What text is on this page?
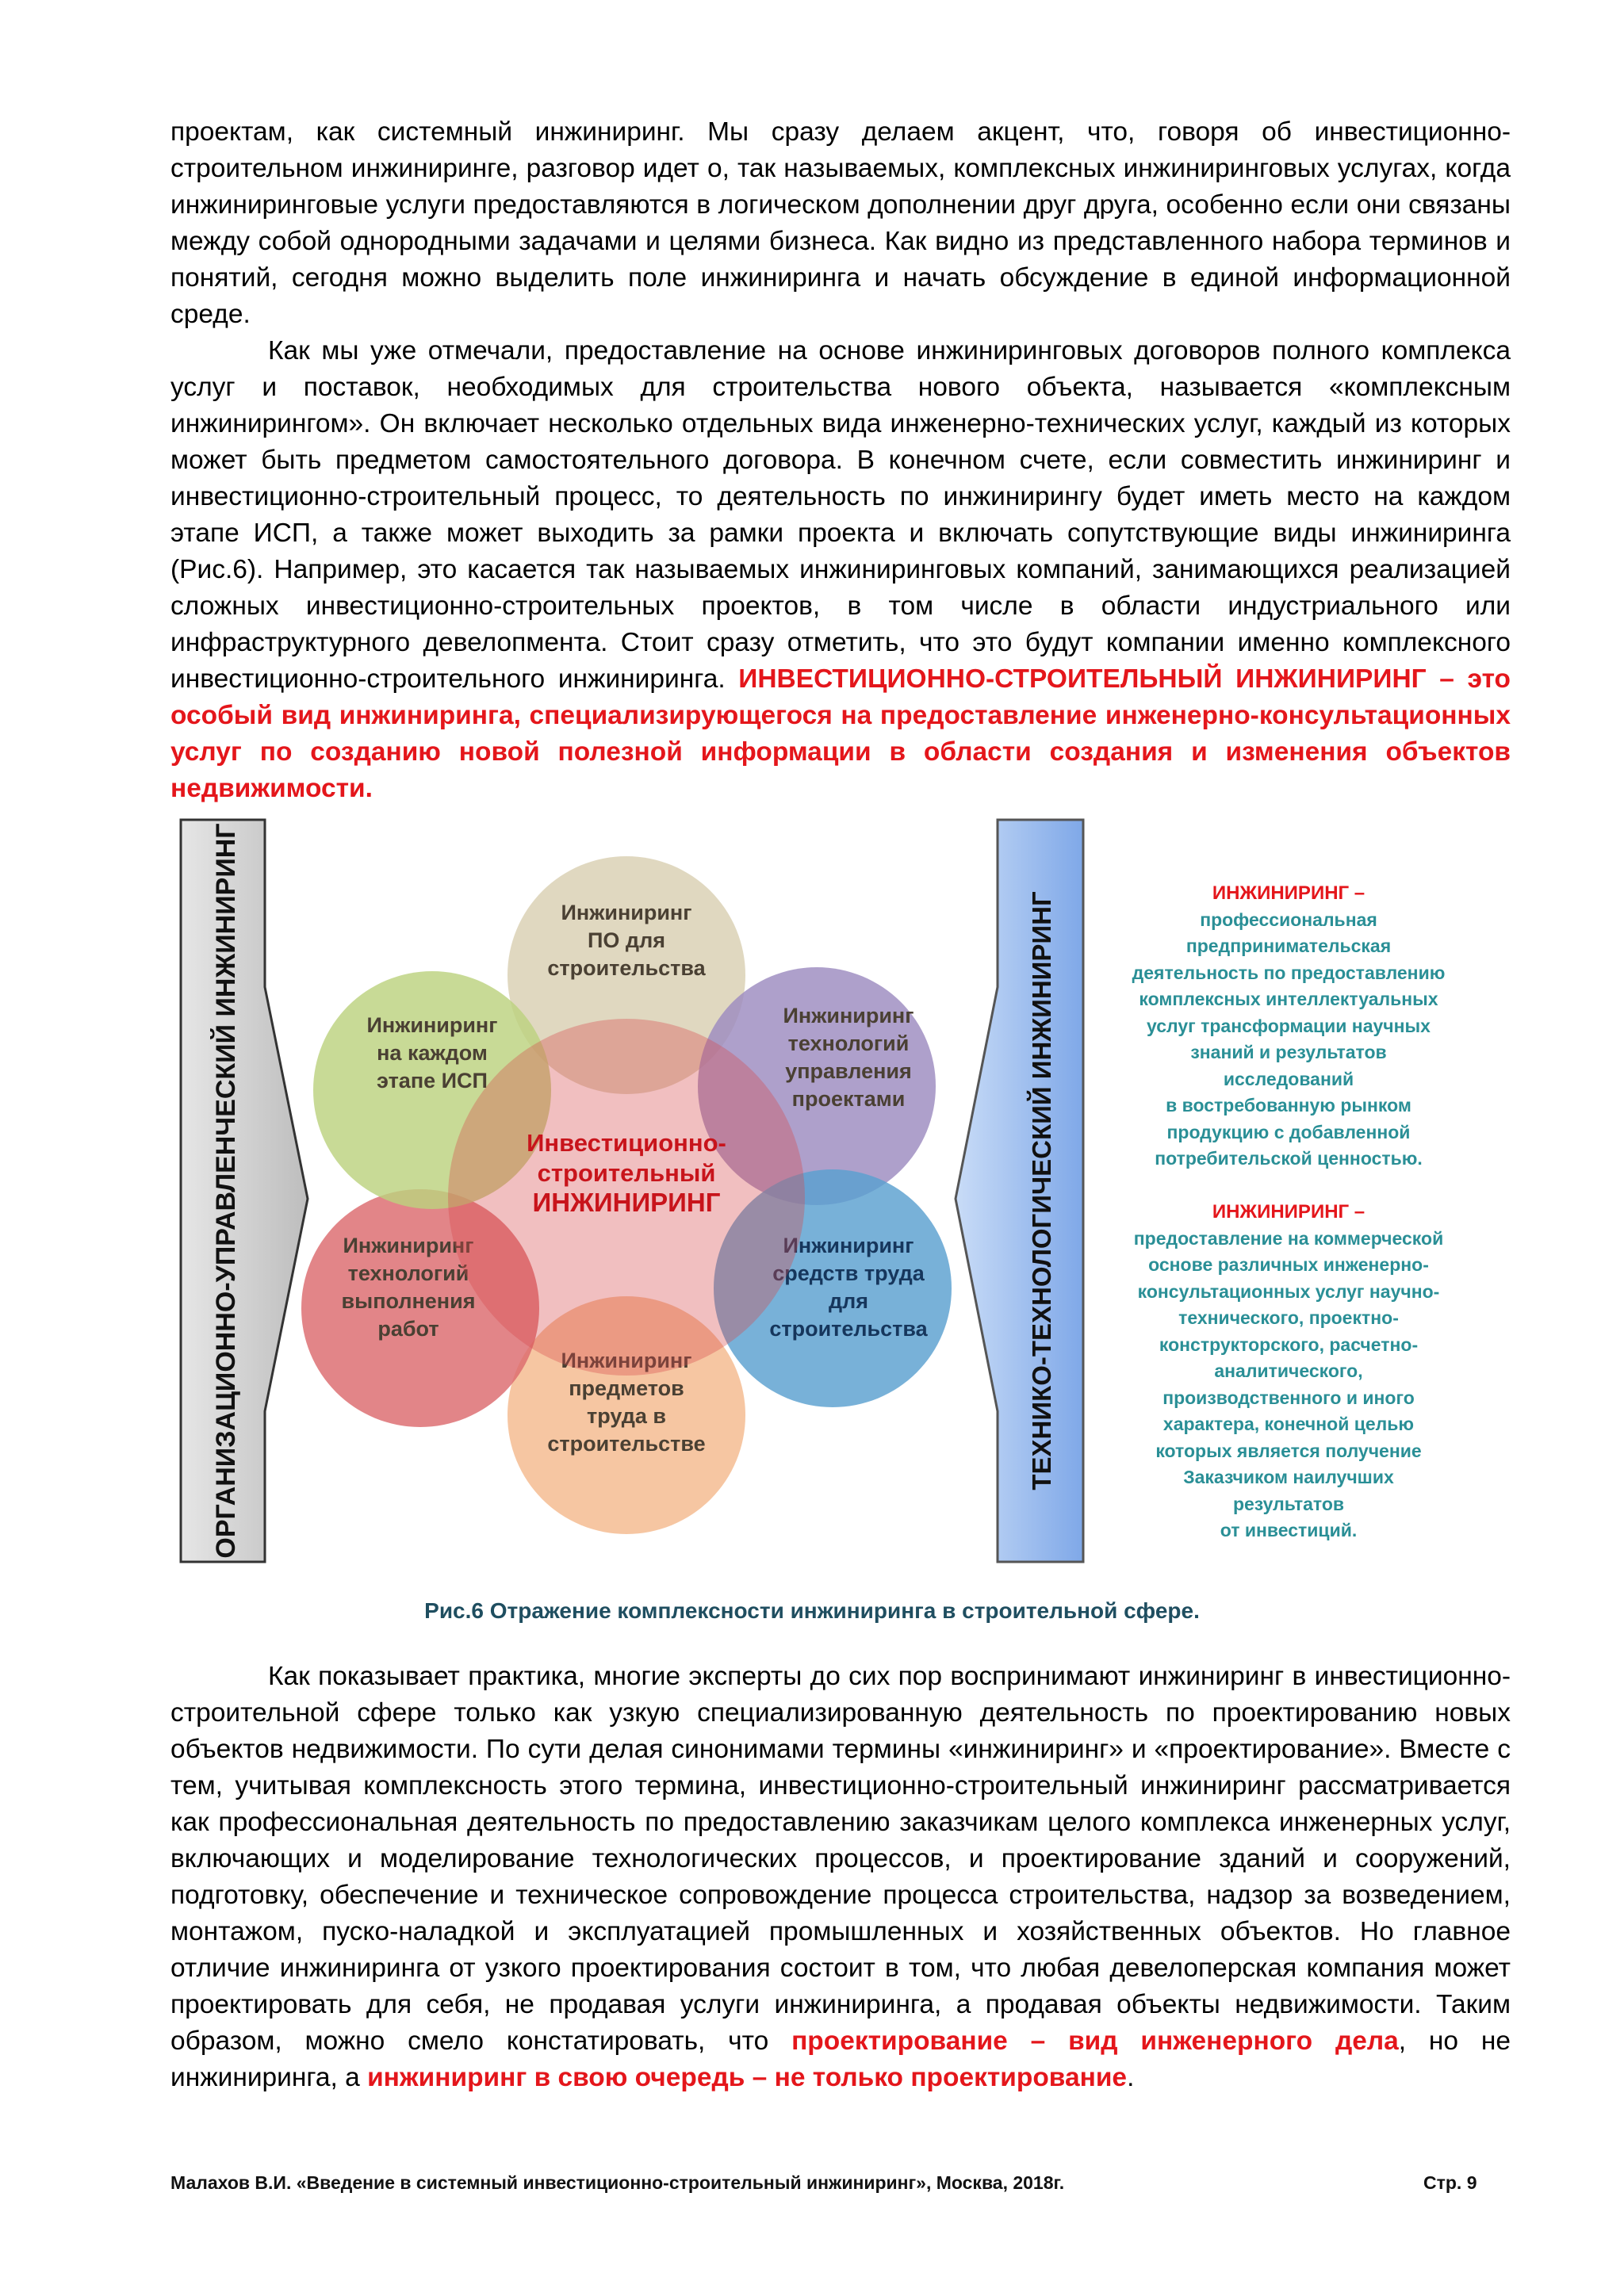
проектам, как системный инжиниринг. Мы сразу делаем акцент, что, говоря об инвестиционно-строительном инжиниринге, разговор идет о, так называемых, комплексных инжиниринговых услугах, когда инжиниринговые услуги предоставляются в логическом дополнении друг друга, особенно если они связаны между собой однородными задачами и целями бизнеса. Как видно из представленного набора терминов и понятий, сегодня можно выделить поле инжиниринга и начать обсуждение в единой информационной среде.

Как мы уже отмечали, предоставление на основе инжиниринговых договоров полного комплекса услуг и поставок, необходимых для строительства нового объекта, называется «комплексным инжинирингом». Он включает несколько отдельных вида инженерно-технических услуг, каждый из которых может быть предметом самостоятельного договора. В конечном счете, если совместить инжиниринг и инвестиционно-строительный процесс, то деятельность по инжинирингу будет иметь место на каждом этапе ИСП, а также может выходить за рамки проекта и включать сопутствующие виды инжиниринга (Рис.6). Например, это касается так называемых инжиниринговых компаний, занимающихся реализацией сложных инвестиционно-строительных проектов, в том числе в области индустриального или инфраструктурного девелопмента. Стоит сразу отметить, что это будут компании именно комплексного инвестиционно-строительного инжиниринга. ИНВЕСТИЦИОННО-СТРОИТЕЛЬНЫЙ ИНЖИНИРИНГ – это особый вид инжиниринга, специализирующегося на предоставление инженерно-консультационных услуг по созданию новой полезной информации в области создания и изменения объектов недвижимости.

ОРГАНИЗАЦИОННО-УПРАВЛЕНЧЕСКИЙ ИНЖИНИРИНГ	ТЕХНИКО-ТЕХНОЛОГИЧЕСКИЙ ИНЖИНИРИНГ
Инжиниринг
ПО для
строительства
Инжиниринг
технологий
управления
проектами
Инжиниринг
средств труда
для
строительства
Инжиниринг
предметов
труда в
строительстве
Инжиниринг
технологий
выполнения
работ
Инжиниринг
на каждом
этапе ИСП
Инвестиционно-
строительный
ИНЖИНИРИНГ
ИНЖИНИРИНГ –
профессиональная
предпринимательская
деятельность по предоставлению
комплексных интеллектуальных
услуг трансформации научных
знаний и результатов исследований
в востребованную рынком
продукцию с добавленной
потребительской ценностью.
ИНЖИНИРИНГ –
предоставление на коммерческой
основе различных инженерно-
консультационных услуг научно-
технического, проектно-
конструкторского, расчетно-
аналитического,
производственного и иного
характера, конечной целью
которых является получение
Заказчиком наилучших результатов
от инвестиций.
Рис.6 Отражение комплексности инжиниринга в строительной сфере.

Как показывает практика, многие эксперты до сих пор воспринимают инжиниринг в инвестиционно-строительной сфере только как узкую специализированную деятельность по проектированию новых объектов недвижимости. По сути делая синонимами термины «инжиниринг» и «проектирование». Вместе с тем, учитывая комплексность этого термина, инвестиционно-строительный инжиниринг рассматривается как профессиональная деятельность по предоставлению заказчикам целого комплекса инженерных услуг, включающих и моделирование технологических процессов, и проектирование зданий и сооружений, подготовку, обеспечение и техническое сопровождение процесса строительства, надзор за возведением, монтажом, пуско-наладкой и эксплуатацией промышленных и хозяйственных объектов. Но главное отличие инжиниринга от узкого проектирования состоит в том, что любая девелоперская компания может проектировать для себя, не продавая услуги инжиниринга, а продавая объекты недвижимости. Таким образом, можно смело констатировать, что проектирование – вид инженерного дела, но не инжиниринга, а инжиниринг в свою очередь – не только проектирование.

Малахов В.И. «Введение в системный инвестиционно-строительный инжиниринг», Москва, 2018г.	Стр. 9
